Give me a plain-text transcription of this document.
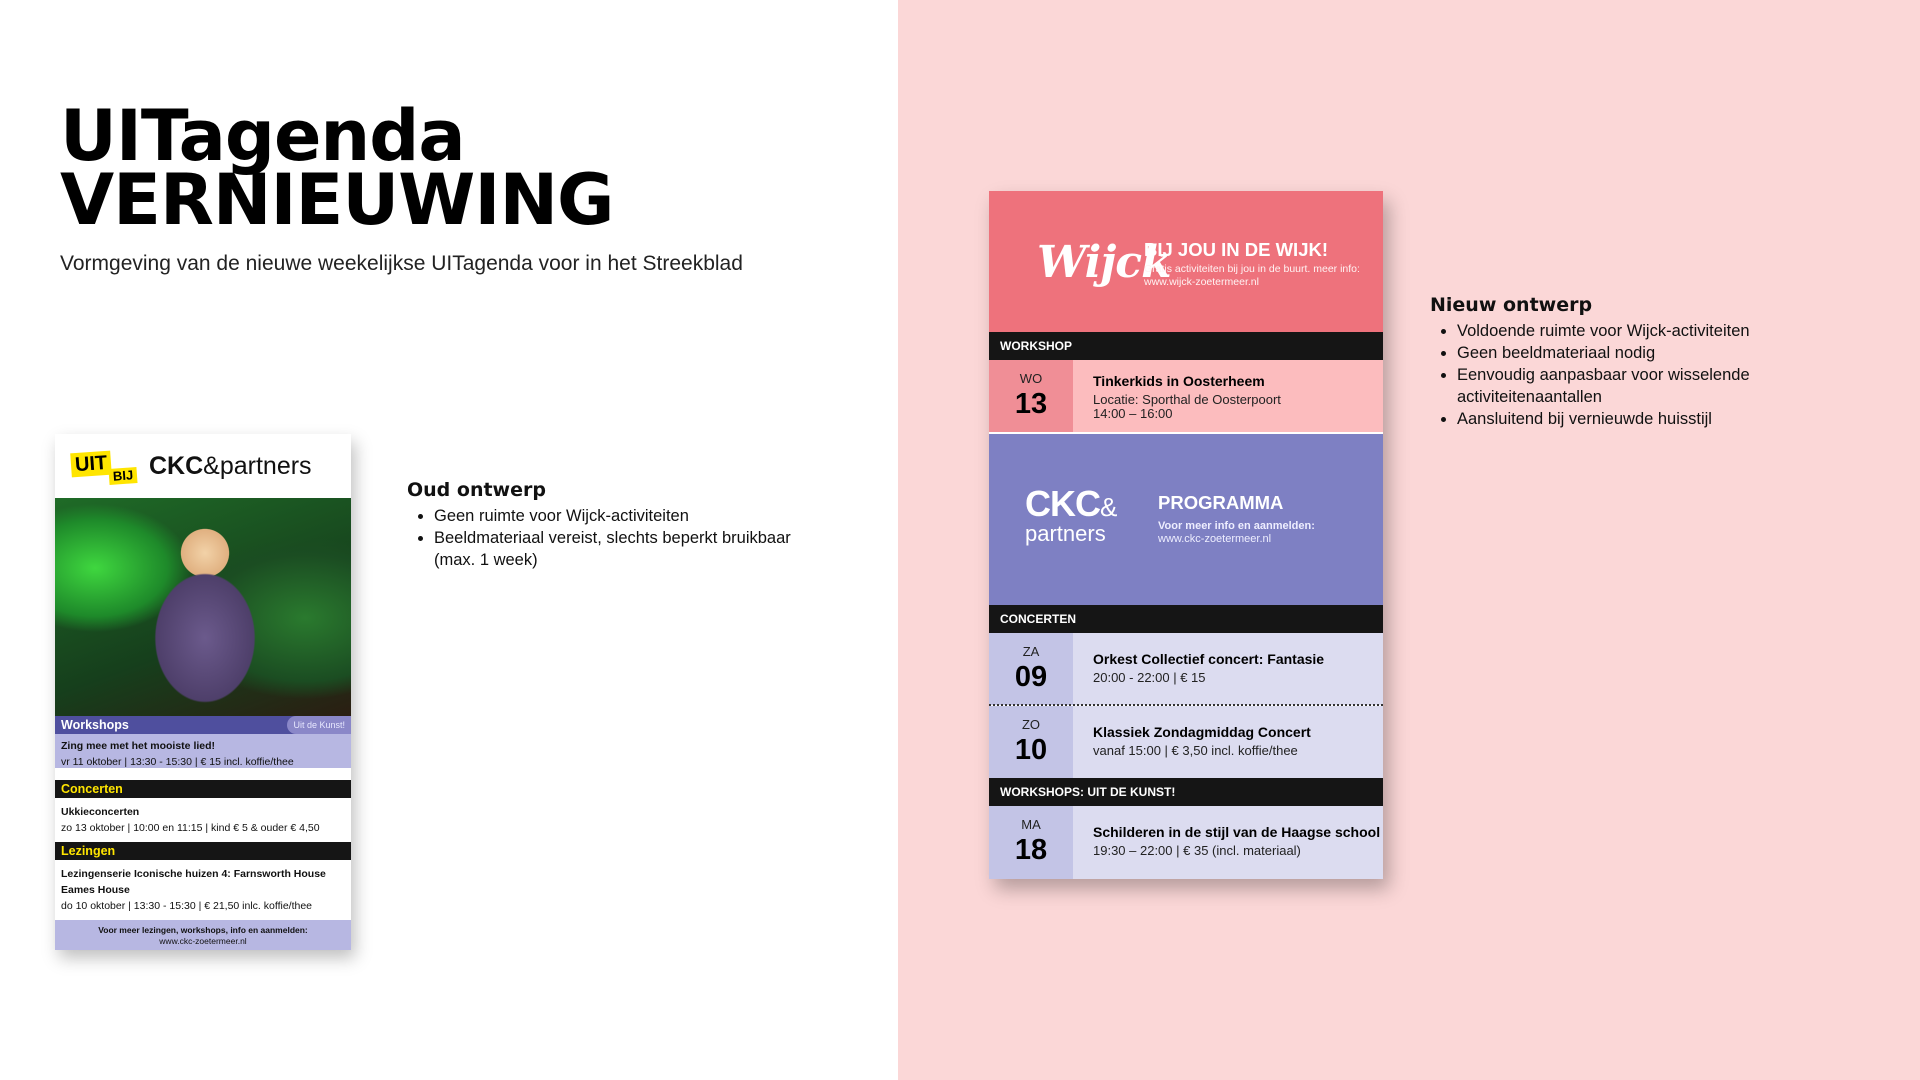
UITagenda
VERNIEUWING
Vormgeving van de nieuwe weekelijkse UITagenda voor in het Streekblad
UIT BIJ CKC&partners
Workshops	Uit de Kunst!
Zing mee met het mooiste lied!
vr 11 oktober | 13:30 - 15:30 | € 15 incl. koffie/thee
Concerten
Ukkieconcerten
zo 13 oktober | 10:00 en 11:15 | kind € 5 & ouder € 4,50
Lezingen
Lezingenserie Iconische huizen 4: Farnsworth House Eames House
do 10 oktober | 13:30 - 15:30 | € 21,50 inlc. koffie/thee
Voor meer lezingen, workshops, info en aanmelden:
www.ckc-zoetermeer.nl
Oud ontwerp
• Geen ruimte voor Wijck-activiteiten
• Beeldmateriaal vereist, slechts beperkt bruikbaar (max. 1 week)
Wijck
BIJ JOU IN DE WIJK!
Gratis activiteiten bij jou in de buurt. meer info: www.wijck-zoetermeer.nl
WORKSHOP
WO
13
Tinkerkids in Oosterheem
Locatie: Sporthal de Oosterpoort
14:00 – 16:00
CKC&
partners
PROGRAMMA
Voor meer info en aanmelden:
www.ckc-zoetermeer.nl
CONCERTEN
ZA
09
Orkest Collectief concert: Fantasie
20:00 - 22:00 | € 15
ZO
10
Klassiek Zondagmiddag Concert
vanaf 15:00 | € 3,50 incl. koffie/thee
WORKSHOPS: UIT DE KUNST!
MA
18
Schilderen in de stijl van de Haagse school
19:30 – 22:00 | € 35 (incl. materiaal)
Nieuw ontwerp
• Voldoende ruimte voor Wijck-activiteiten
• Geen beeldmateriaal nodig
• Eenvoudig aanpasbaar voor wisselende activiteitenaantallen
• Aansluitend bij vernieuwde huisstijl
